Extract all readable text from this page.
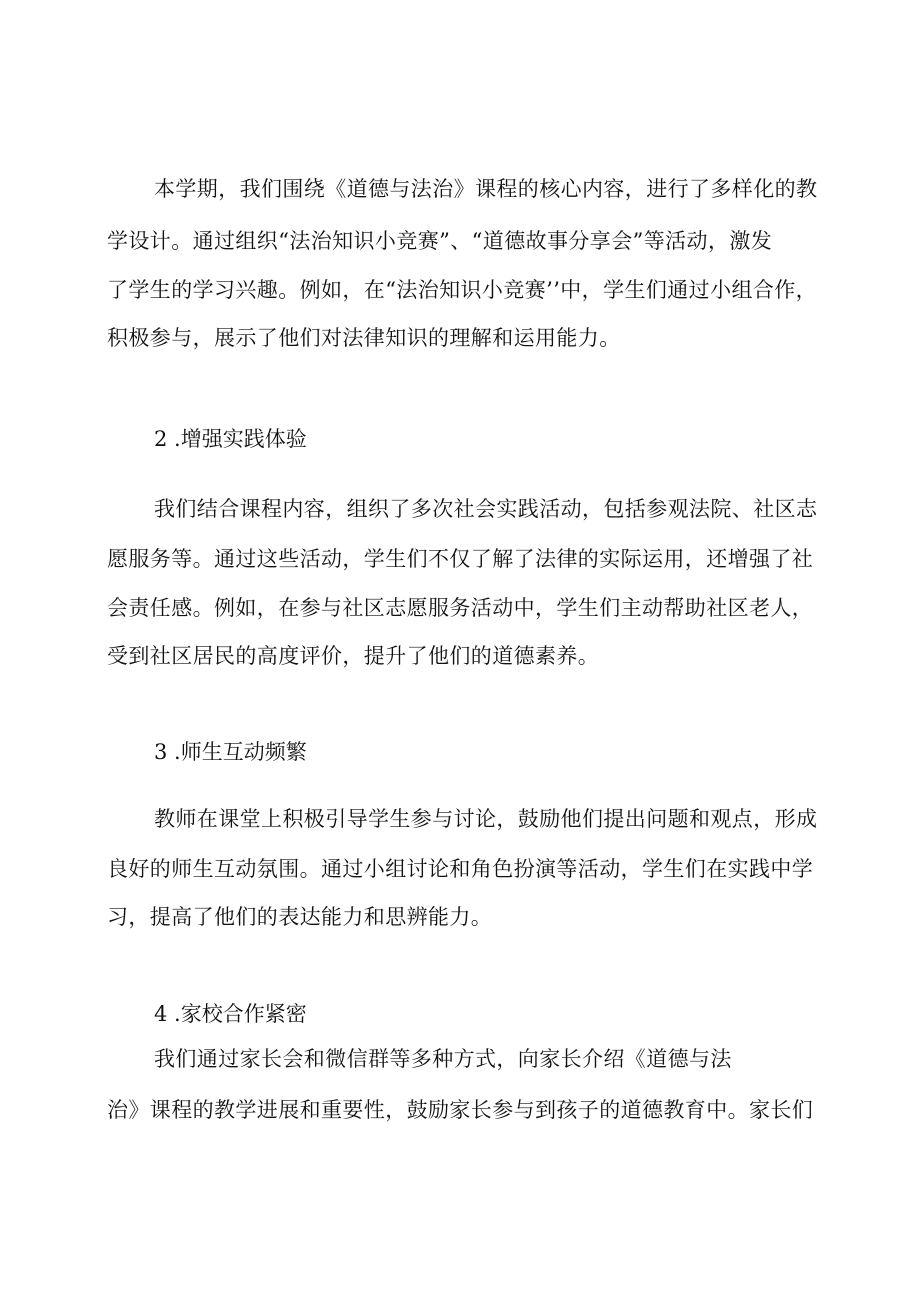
本学期，我们围绕《道德与法治》课程的核心内容，进行了多样化的教
学设计。通过组织“法治知识小竞赛”、“道德故事分享会”等活动，激发
了学生的学习兴趣。例如，在“法治知识小竞赛’’中，学生们通过小组合作，
积极参与，展示了他们对法律知识的理解和运用能力。
2 .增强实践体验
我们结合课程内容，组织了多次社会实践活动，包括参观法院、社区志
愿服务等。通过这些活动，学生们不仅了解了法律的实际运用，还增强了社
会责任感。例如，在参与社区志愿服务活动中，学生们主动帮助社区老人，
受到社区居民的高度评价，提升了他们的道德素养。
3 .师生互动频繁
教师在课堂上积极引导学生参与讨论，鼓励他们提出问题和观点，形成
良好的师生互动氛围。通过小组讨论和角色扮演等活动，学生们在实践中学
习，提高了他们的表达能力和思辨能力。
4 .家校合作紧密
我们通过家长会和微信群等多种方式，向家长介绍《道德与法
治》课程的教学进展和重要性，鼓励家长参与到孩子的道德教育中。家长们
